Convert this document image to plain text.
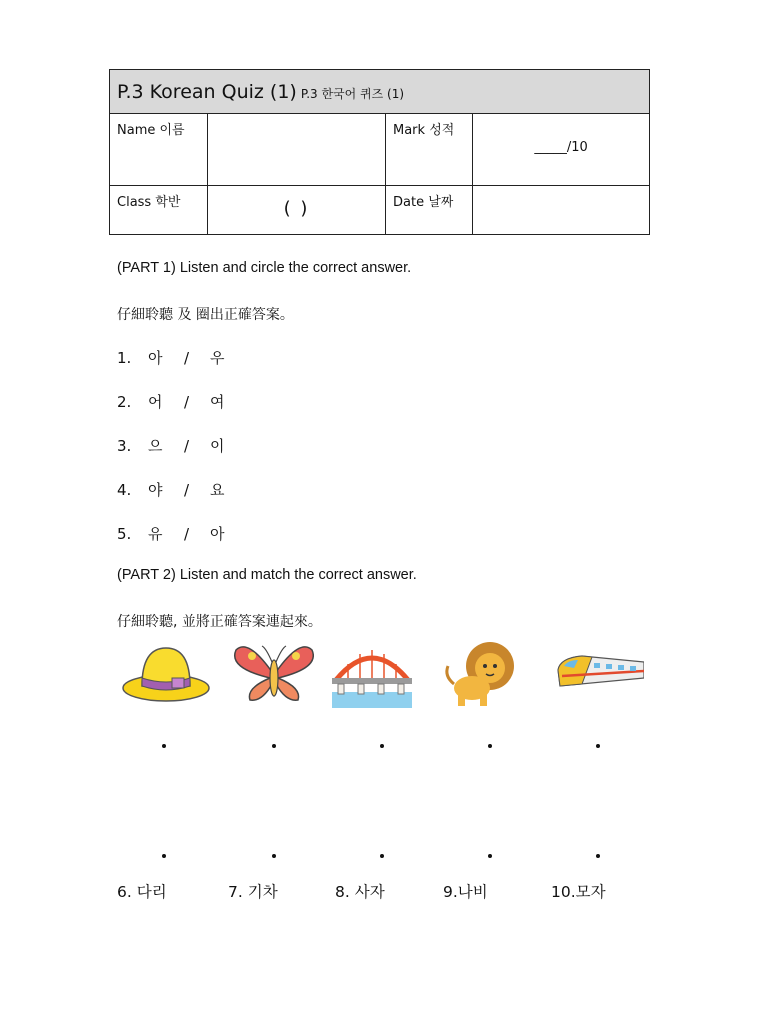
P.3 Korean Quiz (1) P.3 한국어 퀴즈 (1)			
Name 이름		Mark 성적	_____/10

Class 학반	( )	Date 날짜	
(PART 1) Listen and circle the correct answer.
仔細聆聽 及 圈出正確答案。
1. 아 / 우
2. 어 / 여
3. 으 / 이
4. 야 / 요
5. 유 / 아
(PART 2) Listen and match the correct answer.
仔細聆聽, 並將正確答案連起來。
6. 다리	7. 기차	8. 사자	9.나비	10.모자
